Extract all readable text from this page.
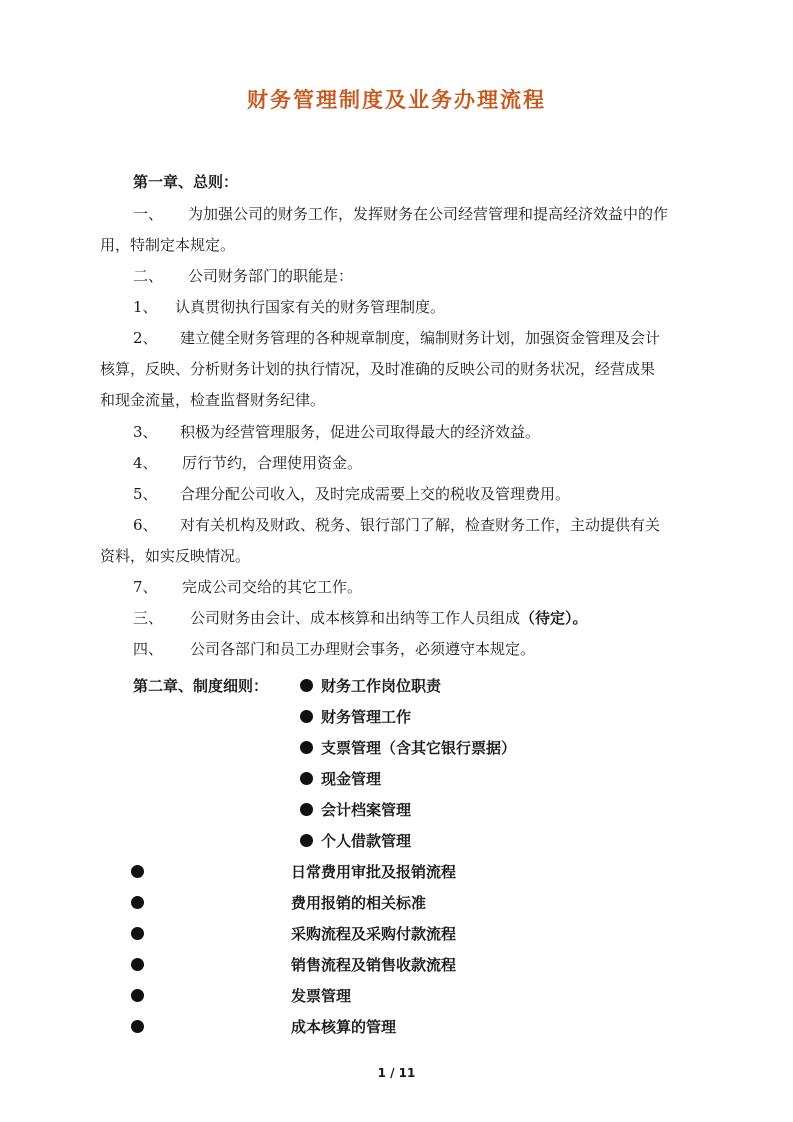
财务管理制度及业务办理流程
第一章、总则：
一、 为加强公司的财务工作，发挥财务在公司经营管理和提高经济效益中的作
用，特制定本规定。
二、 公司财务部门的职能是：
1、 认真贯彻执行国家有关的财务管理制度。
2、 建立健全财务管理的各种规章制度，编制财务计划，加强资金管理及会计
核算，反映、分析财务计划的执行情况，及时准确的反映公司的财务状况，经营成果
和现金流量，检查监督财务纪律。
3、 积极为经营管理服务，促进公司取得最大的经济效益。
4、 厉行节约，合理使用资金。
5、 合理分配公司收入，及时完成需要上交的税收及管理费用。
6、 对有关机构及财政、税务、银行部门了解，检查财务工作，主动提供有关
资料，如实反映情况。
7、 完成公司交给的其它工作。
三、 公司财务由会计、成本核算和出纳等工作人员组成（待定）。
四、 公司各部门和员工办理财会事务，必须遵守本规定。
第二章、制度细则：	财务工作岗位职责
财务管理工作
支票管理（含其它银行票据）
现金管理
会计档案管理
个人借款管理
日常费用审批及报销流程
费用报销的相关标准
采购流程及采购付款流程
销售流程及销售收款流程
发票管理
成本核算的管理
1 / 11
